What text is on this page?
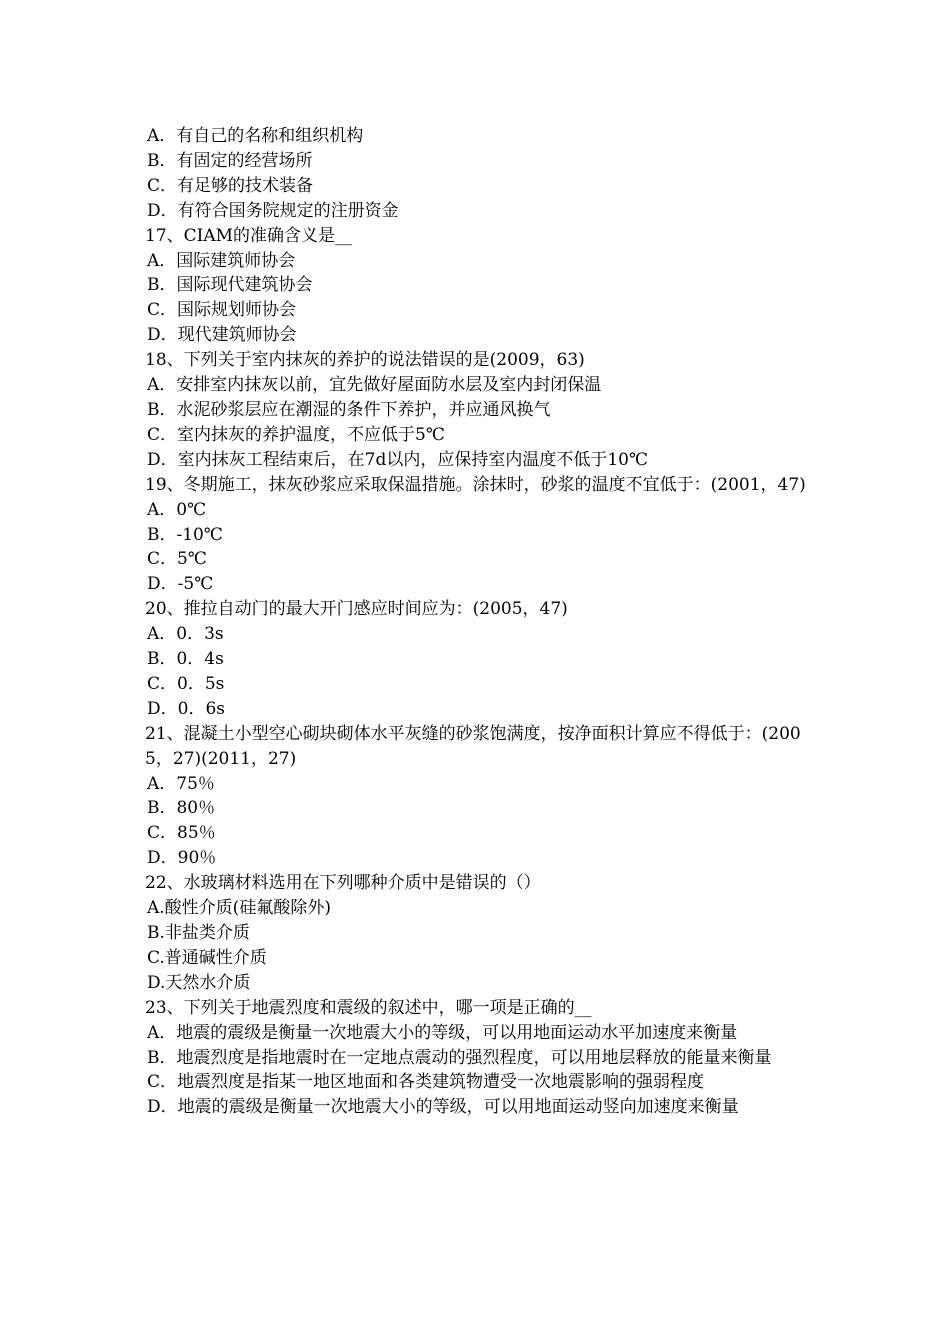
A．有自己的名称和组织机构

B．有固定的经营场所

C．有足够的技术装备

D．有符合国务院规定的注册资金

17、CIAM的准确含义是__

A．国际建筑师协会

B．国际现代建筑协会

C．国际规划师协会

D．现代建筑师协会

18、下列关于室内抹灰的养护的说法错误的是(2009，63)

A．安排室内抹灰以前，宜先做好屋面防水层及室内封闭保温

B．水泥砂浆层应在潮湿的条件下养护，并应通风换气

C．室内抹灰的养护温度，不应低于5℃

D．室内抹灰工程结束后，在7d以内，应保持室内温度不低于10℃

19、冬期施工，抹灰砂浆应采取保温措施。涂抹时，砂浆的温度不宜低于：(2001，47)

A．0℃

B．-10℃

C．5℃

D．-5℃

20、推拉自动门的最大开门感应时间应为：(2005，47)

A．0．3s

B．0．4s

C．0．5s

D．0．6s

21、混凝土小型空心砌块砌体水平灰缝的砂浆饱满度，按净面积计算应不得低于：(2005，27)(2011，27)

A．75％

B．80％

C．85％

D．90％

22、水玻璃材料选用在下列哪种介质中是错误的（）

A.酸性介质(硅氟酸除外)

B.非盐类介质

C.普通碱性介质

D.天然水介质

23、下列关于地震烈度和震级的叙述中，哪一项是正确的__

A．地震的震级是衡量一次地震大小的等级，可以用地面运动水平加速度来衡量

B．地震烈度是指地震时在一定地点震动的强烈程度，可以用地层释放的能量来衡量

C．地震烈度是指某一地区地面和各类建筑物遭受一次地震影响的强弱程度

D．地震的震级是衡量一次地震大小的等级，可以用地面运动竖向加速度来衡量
